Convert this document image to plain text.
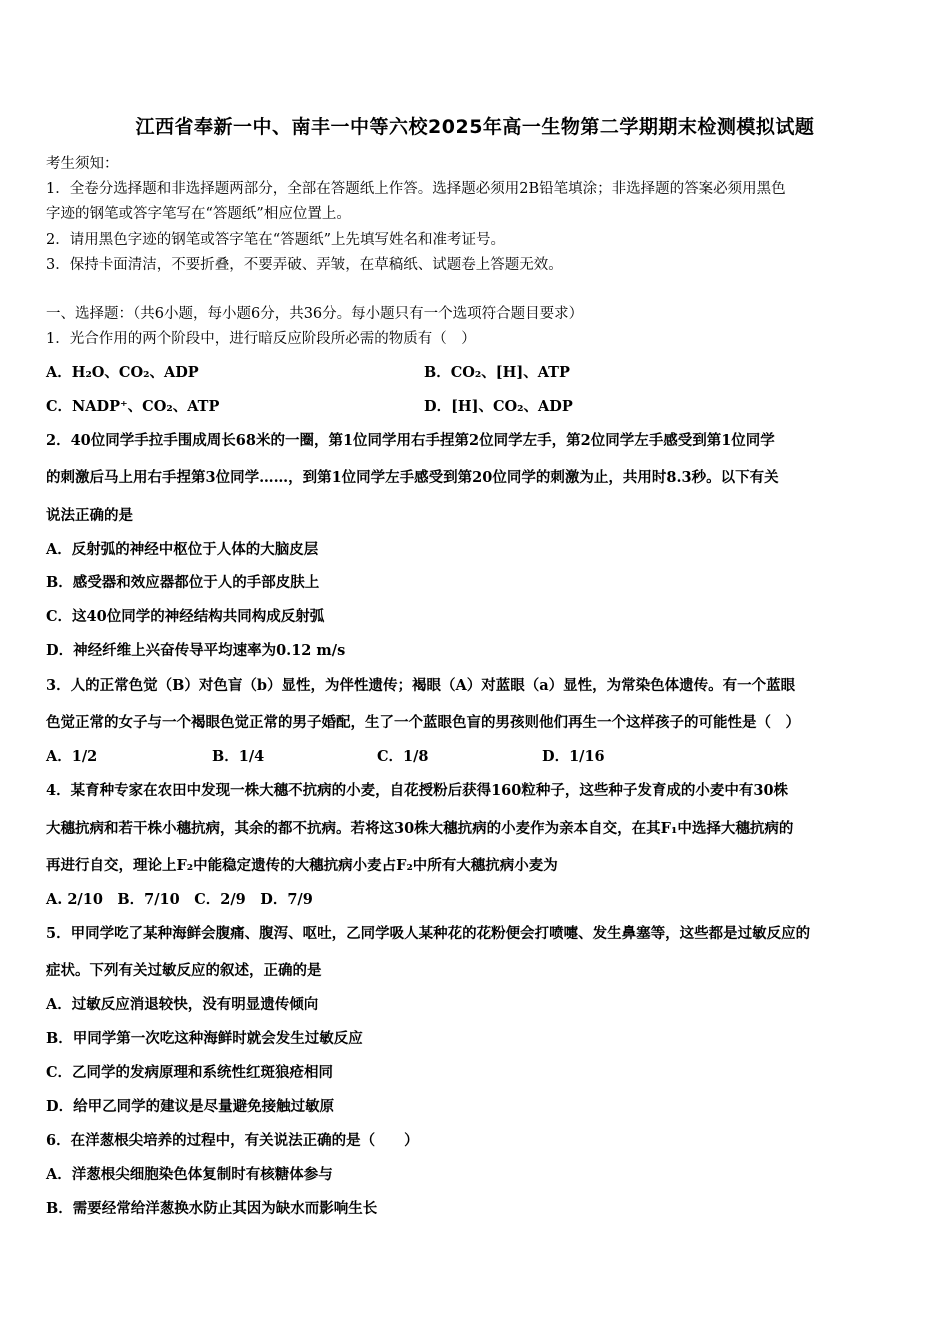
江西省奉新一中、南丰一中等六校2025年高一生物第二学期期末检测模拟试题
考生须知：
1．全卷分选择题和非选择题两部分，全部在答题纸上作答。选择题必须用2B铅笔填涂；非选择题的答案必须用黑色
字迹的钢笔或答字笔写在“答题纸”相应位置上。
2．请用黑色字迹的钢笔或答字笔在“答题纸”上先填写姓名和准考证号。
3．保持卡面清洁，不要折叠，不要弄破、弄皱，在草稿纸、试题卷上答题无效。
一、选择题：（共6小题，每小题6分，共36分。每小题只有一个选项符合题目要求）
1．光合作用的两个阶段中，进行暗反应阶段所必需的物质有（　）
A．H₂O、CO₂、ADP	B．CO₂、[H]、ATP
C．NADP⁺、CO₂、ATP	D．[H]、CO₂、ADP
2．40位同学手拉手围成周长68米的一圈，第1位同学用右手捏第2位同学左手，第2位同学左手感受到第1位同学
的刺激后马上用右手捏第3位同学……，到第1位同学左手感受到第20位同学的刺激为止，共用时8.3秒。以下有关
说法正确的是
A．反射弧的神经中枢位于人体的大脑皮层
B．感受器和效应器都位于人的手部皮肤上
C．这40位同学的神经结构共同构成反射弧
D．神经纤维上兴奋传导平均速率为0.12 m/s
3．人的正常色觉（B）对色盲（b）显性，为伴性遗传；褐眼（A）对蓝眼（a）显性，为常染色体遗传。有一个蓝眼
色觉正常的女子与一个褐眼色觉正常的男子婚配，生了一个蓝眼色盲的男孩则他们再生一个这样孩子的可能性是（　）
A．1/2	B．1/4	C．1/8	D．1/16
4．某育种专家在农田中发现一株大穗不抗病的小麦，自花授粉后获得160粒种子，这些种子发育成的小麦中有30株
大穗抗病和若干株小穗抗病，其余的都不抗病。若将这30株大穗抗病的小麦作为亲本自交，在其F₁中选择大穗抗病的
再进行自交，理论上F₂中能稳定遗传的大穗抗病小麦占F₂中所有大穗抗病小麦为
A. 2/10　B．7/10　C．2/9　D．7/9
5．甲同学吃了某种海鲜会腹痛、腹泻、呕吐，乙同学吸人某种花的花粉便会打喷嚏、发生鼻塞等，这些都是过敏反应的
症状。下列有关过敏反应的叙述，正确的是
A．过敏反应消退较快，没有明显遗传倾向
B．甲同学第一次吃这种海鲜时就会发生过敏反应
C．乙同学的发病原理和系统性红斑狼疮相同
D．给甲乙同学的建议是尽量避免接触过敏原
6．在洋葱根尖培养的过程中，有关说法正确的是（　　）
A．洋葱根尖细胞染色体复制时有核糖体参与
B．需要经常给洋葱换水防止其因为缺水而影响生长
